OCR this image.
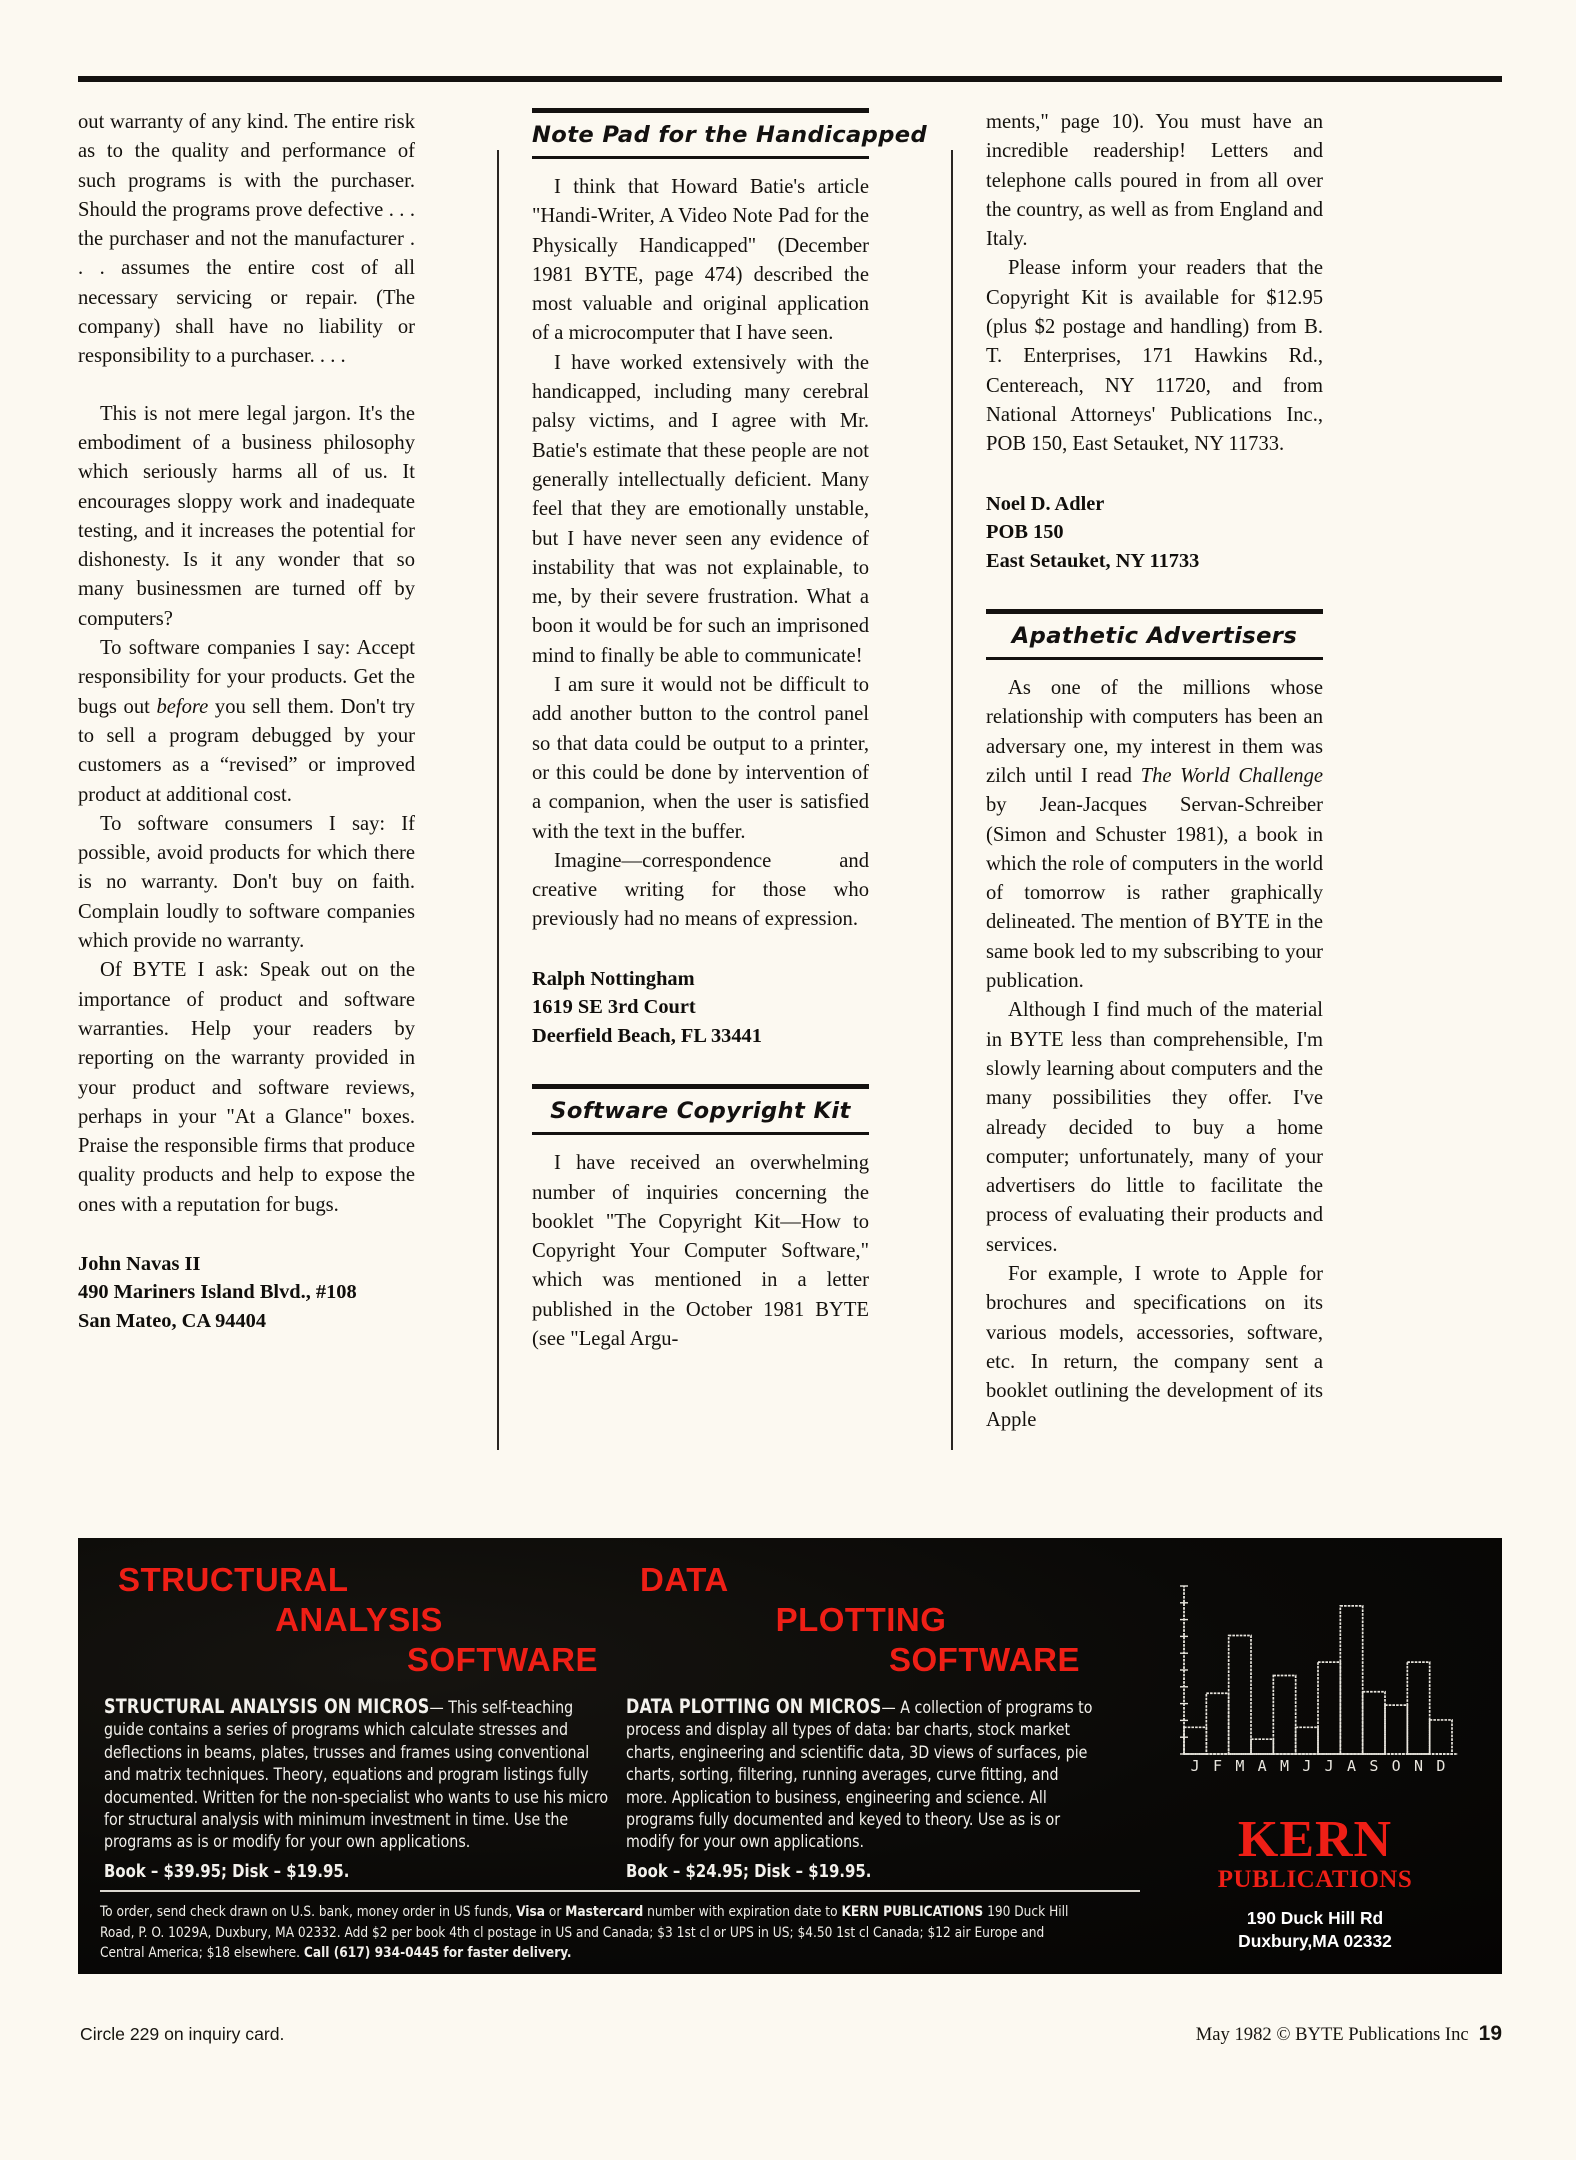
out warranty of any kind. The entire risk as to the quality and performance of such programs is with the purchaser. Should the programs prove defective . . . the purchaser and not the manufacturer . . . assumes the entire cost of all necessary servicing or repair. (The company) shall have no liability or responsibility to a purchaser. . . .

This is not mere legal jargon. It's the embodiment of a business philosophy which seriously harms all of us. It encourages sloppy work and inadequate testing, and it increases the potential for dishonesty. Is it any wonder that so many businessmen are turned off by computers?

To software companies I say: Accept responsibility for your products. Get the bugs out before you sell them. Don't try to sell a program debugged by your customers as a “revised” or improved product at additional cost.

To software consumers I say: If possible, avoid products for which there is no warranty. Don't buy on faith. Complain loudly to software companies which provide no warranty.

Of BYTE I ask: Speak out on the importance of product and software warranties. Help your readers by reporting on the warranty provided in your product and software reviews, perhaps in your "At a Glance" boxes. Praise the responsible firms that produce quality products and help to expose the ones with a reputation for bugs.

John Navas II
490 Mariners Island Blvd., #108
San Mateo, CA 94404
Note Pad for the Handicapped

I think that Howard Batie's article "Handi-Writer, A Video Note Pad for the Physically Handicapped" (December 1981 BYTE, page 474) described the most valuable and original application of a microcomputer that I have seen.

I have worked extensively with the handicapped, including many cerebral palsy victims, and I agree with Mr. Batie's estimate that these people are not generally intellectually deficient. Many feel that they are emotionally unstable, but I have never seen any evidence of instability that was not explainable, to me, by their severe frustration. What a boon it would be for such an imprisoned mind to finally be able to communicate!

I am sure it would not be difficult to add another button to the control panel so that data could be output to a printer, or this could be done by intervention of a companion, when the user is satisfied with the text in the buffer.

Imagine—correspondence and creative writing for those who previously had no means of expression.

Ralph Nottingham
1619 SE 3rd Court
Deerfield Beach, FL 33441
Software Copyright Kit

I have received an overwhelming number of inquiries concerning the booklet "The Copyright Kit—How to Copyright Your Computer Software," which was mentioned in a letter published in the October 1981 BYTE (see "Legal Argu-

ments," page 10). You must have an incredible readership! Letters and telephone calls poured in from all over the country, as well as from England and Italy.

Please inform your readers that the Copyright Kit is available for $12.95 (plus $2 postage and handling) from B. T. Enterprises, 171 Hawkins Rd., Centereach, NY 11720, and from National Attorneys' Publications Inc., POB 150, East Setauket, NY 11733.

Noel D. Adler
POB 150
East Setauket, NY 11733
Apathetic Advertisers

As one of the millions whose relationship with computers has been an adversary one, my interest in them was zilch until I read The World Challenge by Jean-Jacques Servan-Schreiber (Simon and Schuster 1981), a book in which the role of computers in the world of tomorrow is rather graphically delineated. The mention of BYTE in the same book led to my subscribing to your publication.

Although I find much of the material in BYTE less than comprehensible, I'm slowly learning about computers and the many possibilities they offer. I've already decided to buy a home computer; unfortunately, many of your advertisers do little to facilitate the process of evaluating their products and services.

For example, I wrote to Apple for brochures and specifications on its various models, accessories, software, etc. In return, the company sent a booklet outlining the development of its Apple

STRUCTURAL
ANALYSIS
SOFTWARE
STRUCTURAL ANALYSIS ON MICROS— This self-teaching guide contains a series of programs which calculate stresses and deflections in beams, plates, trusses and frames using conventional and matrix techniques. Theory, equations and program listings fully documented. Written for the non-specialist who wants to use his micro for structural analysis with minimum investment in time. Use the programs as is or modify for your own applications.
Book – $39.95; Disk – $19.95.
DATA
PLOTTING
SOFTWARE
DATA PLOTTING ON MICROS— A collection of programs to process and display all types of data: bar charts, stock market charts, engineering and scientific data, 3D views of surfaces, pie charts, sorting, filtering, running averages, curve fitting, and more. Application to business, engineering and science. All programs fully documented and keyed to theory. Use as is or modify for your own applications.
Book – $24.95; Disk – $19.95.
J F M A M J J A S O N D
KERN
PUBLICATIONS
190 Duck Hill Rd
Duxbury,MA 02332
To order, send check drawn on U.S. bank, money order in US funds, Visa or Mastercard number with expiration date to KERN PUBLICATIONS 190 Duck Hill Road, P. O. 1029A, Duxbury, MA 02332. Add $2 per book 4th cl postage in US and Canada; $3 1st cl or UPS in US; $4.50 1st cl Canada; $12 air Europe and Central America; $18 elsewhere. Call (617) 934-0445 for faster delivery.
Circle 229 on inquiry card.	May 1982 © BYTE Publications Inc 19
